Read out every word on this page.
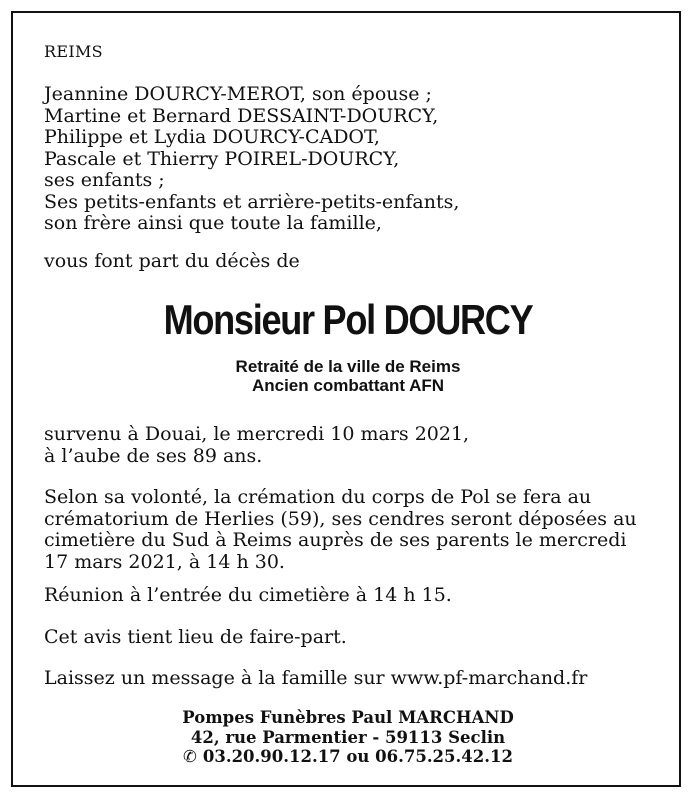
REIMS
Jeannine DOURCY-MEROT, son épouse ;
Martine et Bernard DESSAINT-DOURCY,
Philippe et Lydia DOURCY-CADOT,
Pascale et Thierry POIREL-DOURCY,
ses enfants ;
Ses petits-enfants et arrière-petits-enfants,
son frère ainsi que toute la famille,
vous font part du décès de
Monsieur Pol DOURCY
Retraité de la ville de Reims
Ancien combattant AFN
survenu à Douai, le mercredi 10 mars 2021,
à l’aube de ses 89 ans.
Selon sa volonté, la crémation du corps de Pol se fera au
crématorium de Herlies (59), ses cendres seront déposées au
cimetière du Sud à Reims auprès de ses parents le mercredi
17 mars 2021, à 14 h 30.
Réunion à l’entrée du cimetière à 14 h 15.
Cet avis tient lieu de faire-part.
Laissez un message à la famille sur www.pf-marchand.fr
Pompes Funèbres Paul MARCHAND
42, rue Parmentier - 59113 Seclin
✆ 03.20.90.12.17 ou 06.75.25.42.12
